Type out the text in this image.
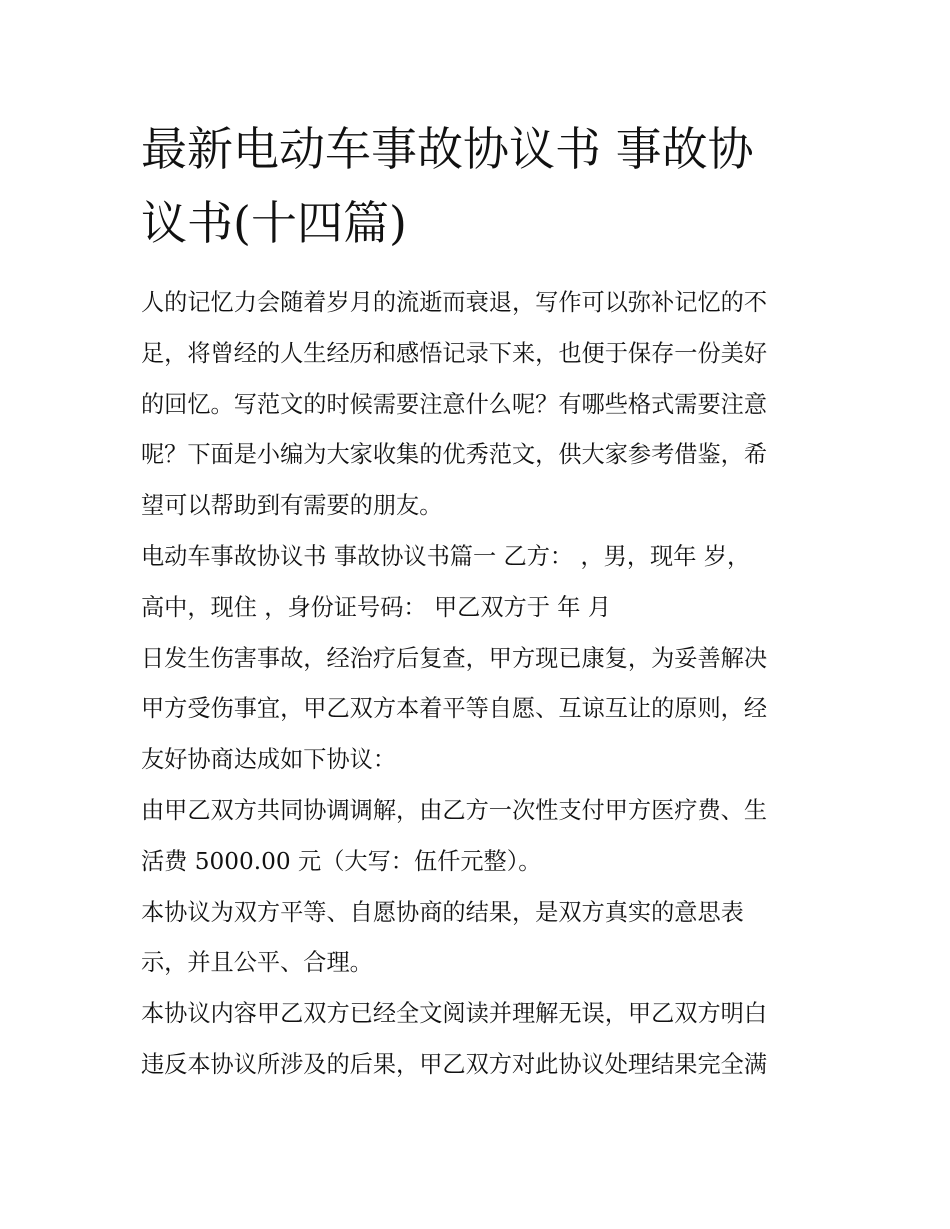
最新电动车事故协议书 事故协
议书(十四篇)
人的记忆力会随着岁月的流逝而衰退，写作可以弥补记忆的不
足，将曾经的人生经历和感悟记录下来，也便于保存一份美好
的回忆。写范文的时候需要注意什么呢？有哪些格式需要注意
呢？下面是小编为大家收集的优秀范文，供大家参考借鉴，希
望可以帮助到有需要的朋友。
电动车事故协议书 事故协议书篇一 乙方： ，男，现年 岁，
高中，现住 ，身份证号码： 甲乙双方于 年 月
日发生伤害事故，经治疗后复查，甲方现已康复，为妥善解决
甲方受伤事宜，甲乙双方本着平等自愿、互谅互让的原则，经
友好协商达成如下协议：
由甲乙双方共同协调调解，由乙方一次性支付甲方医疗费、生
活费 5000.00 元（大写：伍仟元整）。
本协议为双方平等、自愿协商的结果，是双方真实的意思表
示，并且公平、合理。
本协议内容甲乙双方已经全文阅读并理解无误，甲乙双方明白
违反本协议所涉及的后果，甲乙双方对此协议处理结果完全满
